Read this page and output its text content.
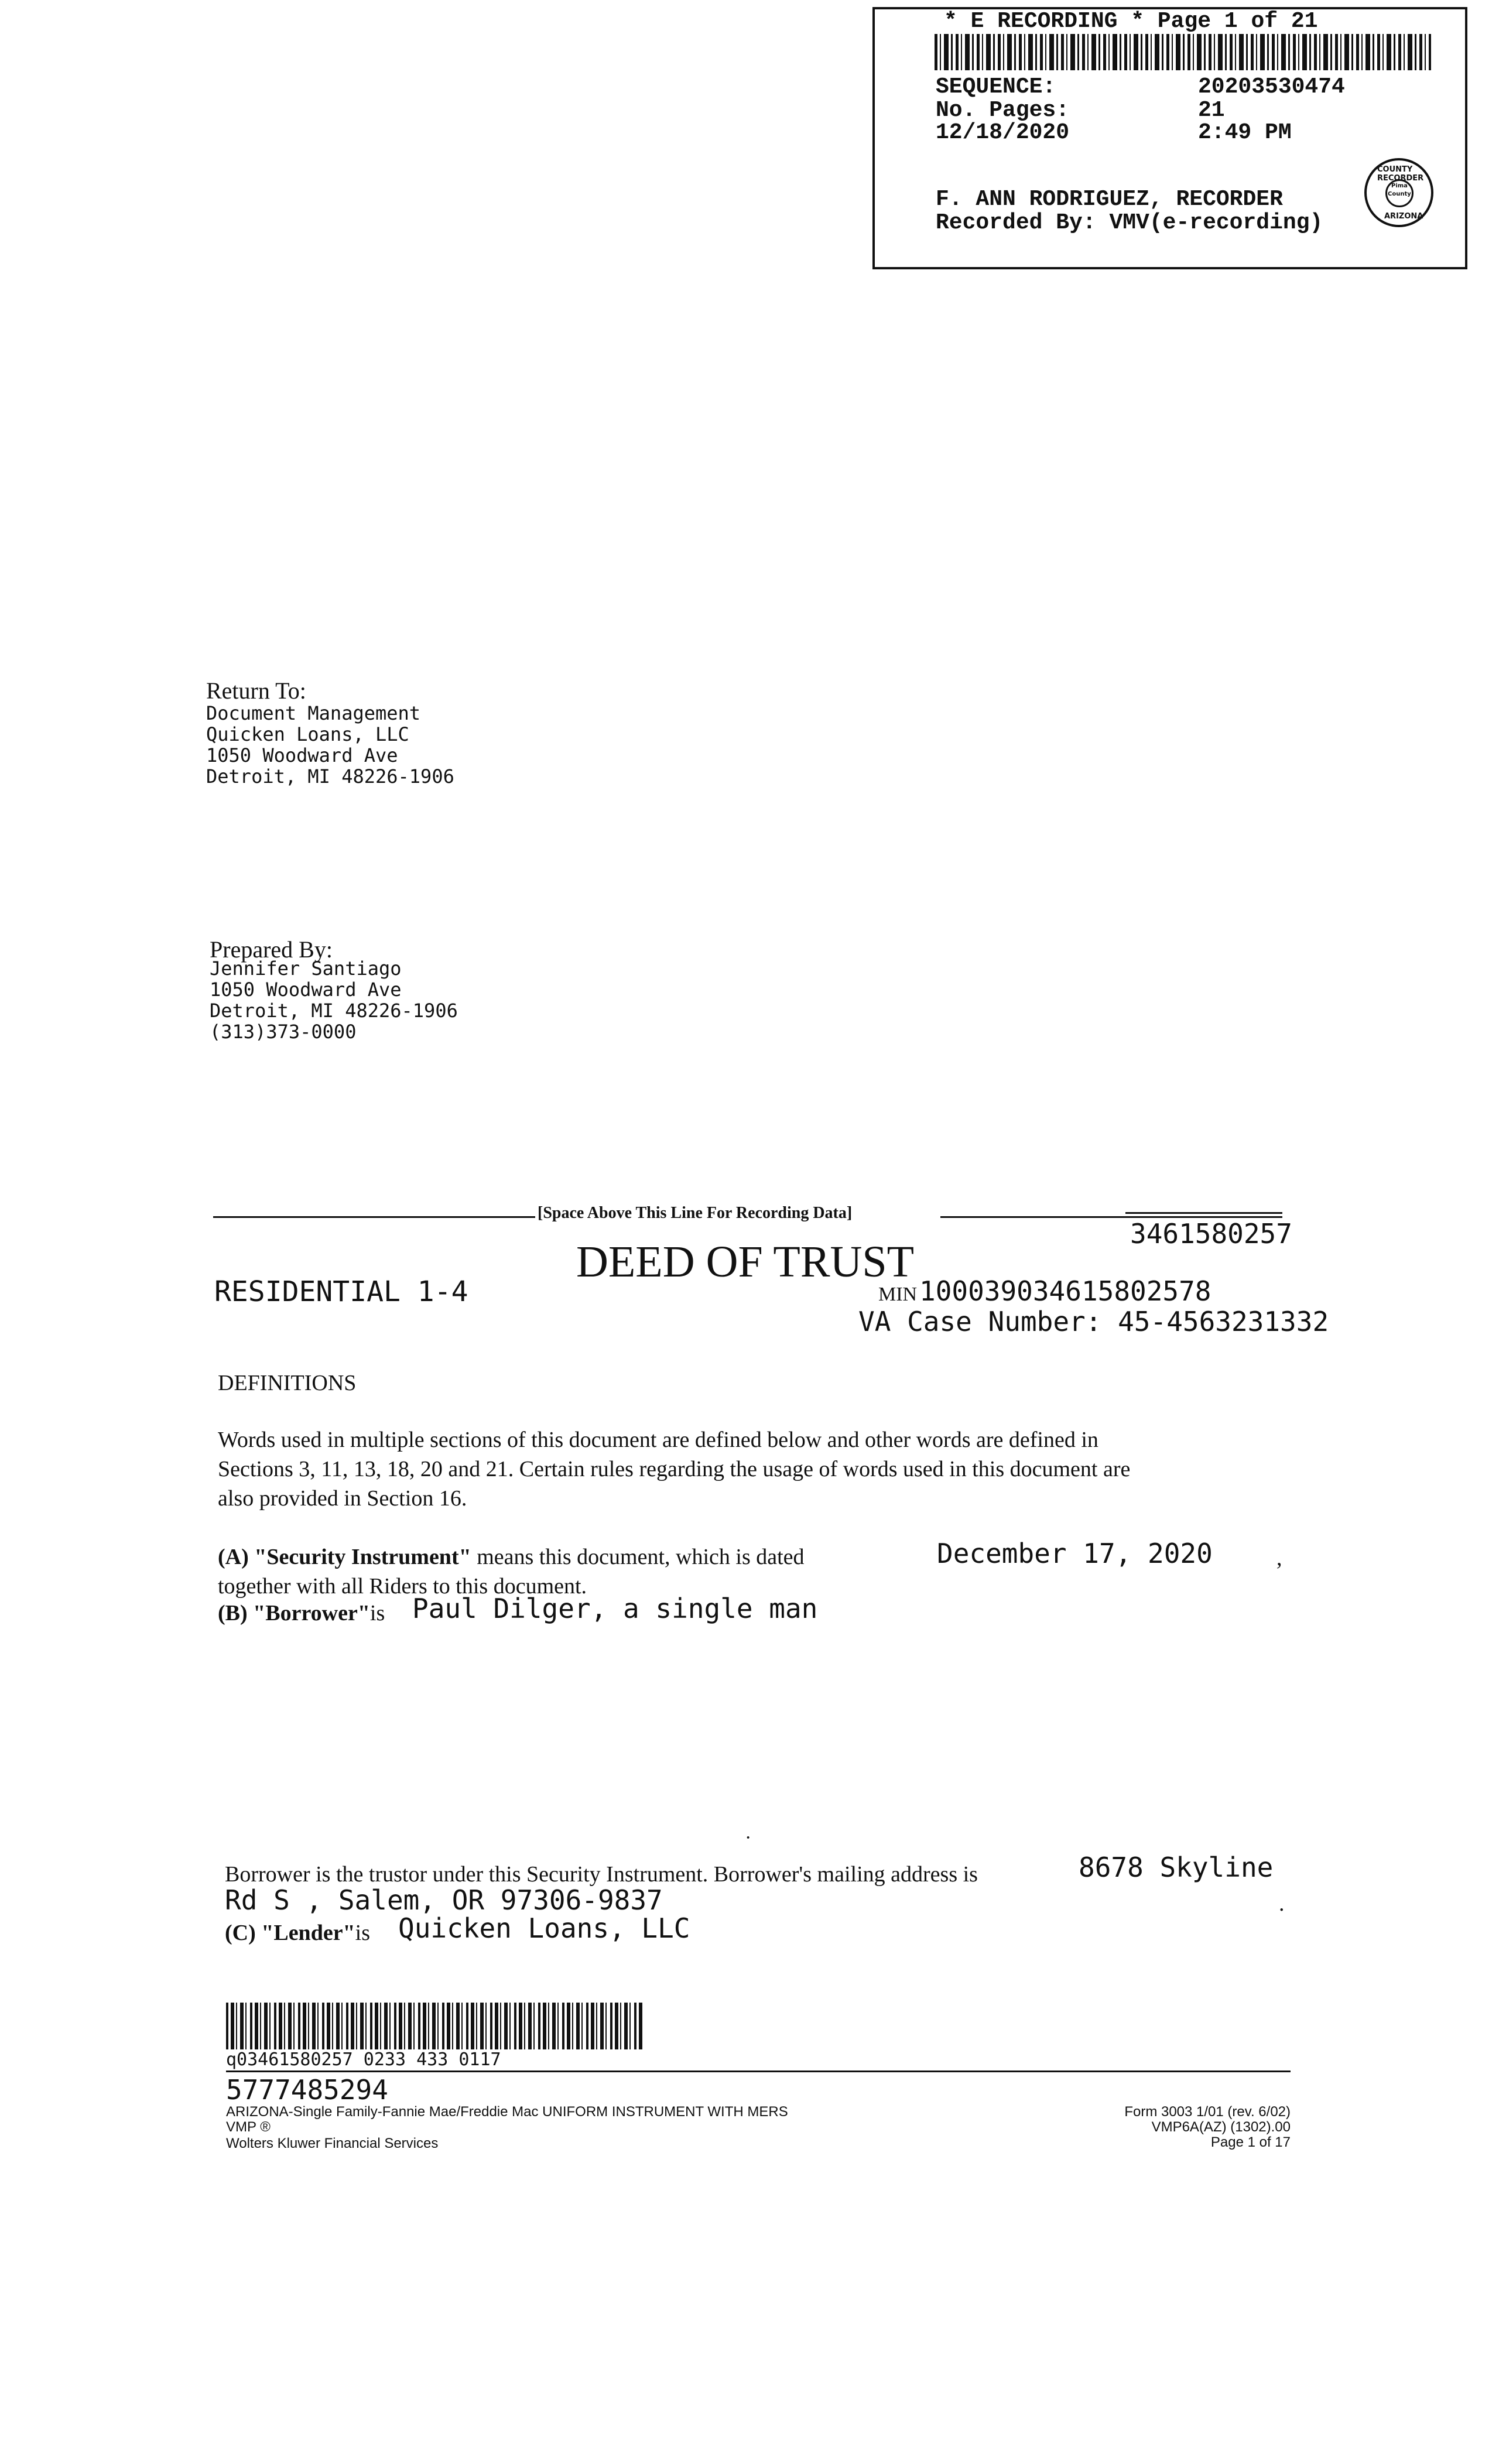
* E RECORDING * Page 1 of 21
SEQUENCE:	20203530474
No. Pages:	21
12/18/2020	2:49 PM
F. ANN RODRIGUEZ, RECORDER
Recorded By: VMV(e-recording)
COUNTY RECORDER
Pima
County
ARIZONA
Return To:
Document Management
Quicken Loans, LLC
1050 Woodward Ave
Detroit, MI 48226-1906
Prepared By:
Jennifer Santiago
1050 Woodward Ave
Detroit, MI 48226-1906
(313)373-0000
[Space Above This Line For Recording Data]
3461580257
RESIDENTIAL 1-4
DEED OF TRUST
MIN 100039034615802578
VA Case Number: 45-4563231332
DEFINITIONS
Words used in multiple sections of this document are defined below and other words are defined in
Sections 3, 11, 13, 18, 20 and 21. Certain rules regarding the usage of words used in this document are
also provided in Section 16.
(A) "Security Instrument" means this document, which is dated	December 17, 2020	,
together with all Riders to this document.
(B) "Borrower"is Paul Dilger, a single man
·
Borrower is the trustor under this Security Instrument. Borrower's mailing address is	8678 Skyline
Rd S , Salem, OR 97306-9837	.
(C) "Lender"is Quicken Loans, LLC
q03461580257 0233 433 0117
5777485294
ARIZONA-Single Family-Fannie Mae/Freddie Mac UNIFORM INSTRUMENT WITH MERS
VMP ®
Wolters Kluwer Financial Services
Form 3003 1/01 (rev. 6/02)
VMP6A(AZ) (1302).00
Page 1 of 17
